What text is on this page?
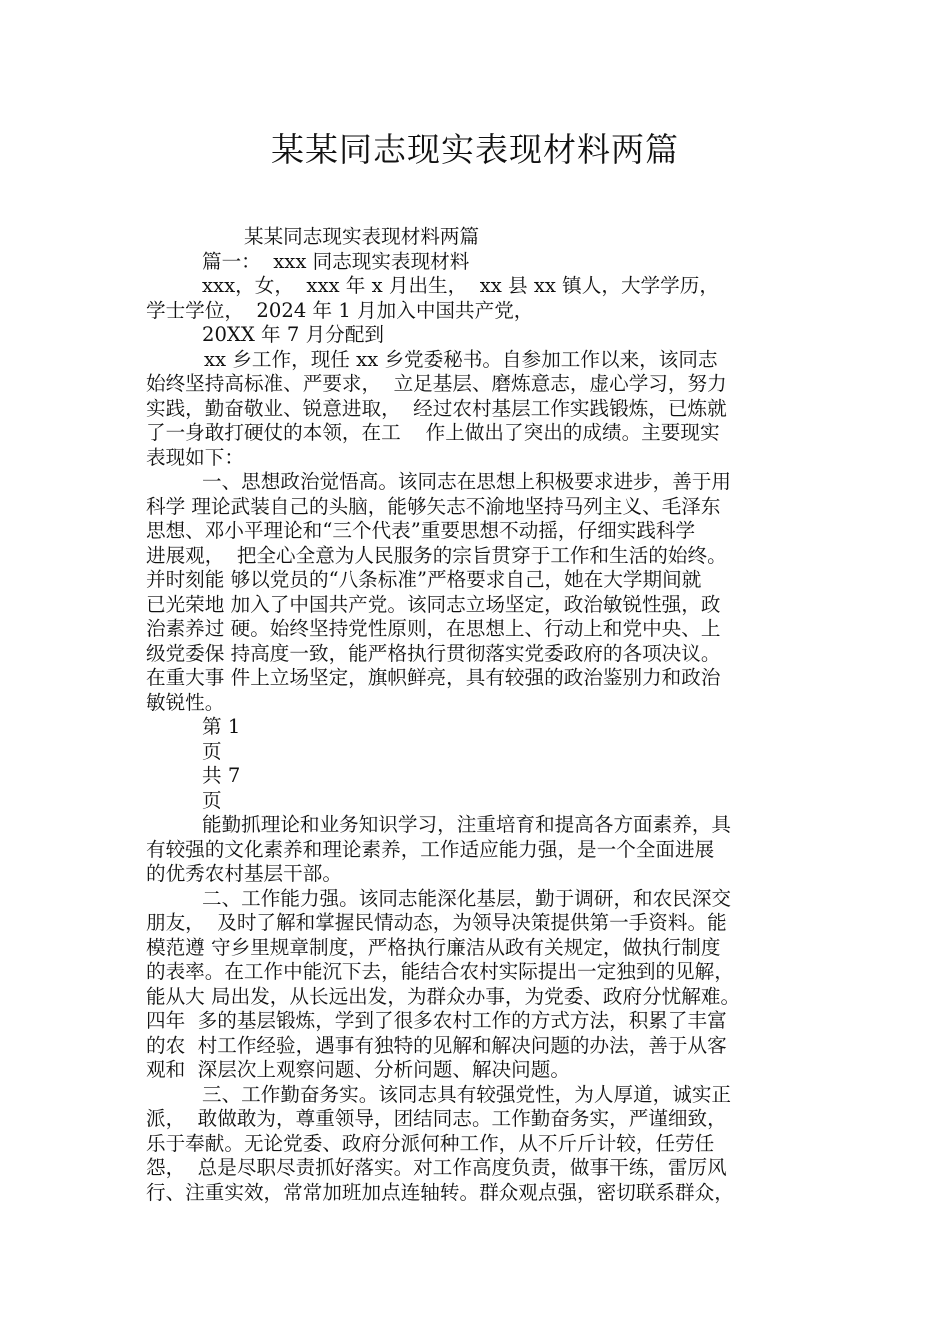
某某同志现实表现材料两篇

某某同志现实表现材料两篇

篇一：  xxx 同志现实表现材料

xxx，女，  xxx 年 x 月出生，  xx 县 xx 镇人，大学学历，

学士学位，  2024 年 1 月加入中国共产党，

20XX 年 7 月分配到

xx 乡工作，现任 xx 乡党委秘书。自参加工作以来，该同志

始终坚持高标准、严要求，  立足基层、磨炼意志，虚心学习，努力

实践，勤奋敬业、锐意进取，  经过农村基层工作实践锻炼，已炼就

了一身敢打硬仗的本领，在工    作上做出了突出的成绩。主要现实

表现如下：

一、思想政治觉悟高。该同志在思想上积极要求进步，善于用

科学 理论武装自己的头脑，能够矢志不渝地坚持马列主义、毛泽东

思想、邓小平理论和“三个代表”重要思想不动摇，仔细实践科学

进展观，  把全心全意为人民服务的宗旨贯穿于工作和生活的始终。

并时刻能 够以党员的“八条标准”严格要求自己，她在大学期间就

已光荣地 加入了中国共产党。该同志立场坚定，政治敏锐性强，政

治素养过 硬。始终坚持党性原则，在思想上、行动上和党中央、上

级党委保 持高度一致，能严格执行贯彻落实党委政府的各项决议。

在重大事 件上立场坚定，旗帜鲜亮，具有较强的政治鉴别力和政治

敏锐性。

第 1

页

共 7

页

能勤抓理论和业务知识学习，注重培育和提高各方面素养，具

有较强的文化素养和理论素养，工作适应能力强，是一个全面进展

的优秀农村基层干部。

二、工作能力强。该同志能深化基层，勤于调研，和农民深交

朋友，  及时了解和掌握民情动态，为领导决策提供第一手资料。能

模范遵 守乡里规章制度，严格执行廉洁从政有关规定，做执行制度

的表率。在工作中能沉下去，能结合农村实际提出一定独到的见解，

能从大 局出发，从长远出发，为群众办事，为党委、政府分忧解难。

四年  多的基层锻炼，学到了很多农村工作的方式方法，积累了丰富

的农  村工作经验，遇事有独特的见解和解决问题的办法，善于从客

观和  深层次上观察问题、分析问题、解决问题。

三、工作勤奋务实。该同志具有较强党性，为人厚道，诚实正

派，  敢做敢为，尊重领导，团结同志。工作勤奋务实，严谨细致，

乐于奉献。无论党委、政府分派何种工作，从不斤斤计较，任劳任

怨，  总是尽职尽责抓好落实。对工作高度负责，做事干练，雷厉风

行、注重实效，常常加班加点连轴转。群众观点强，密切联系群众，
